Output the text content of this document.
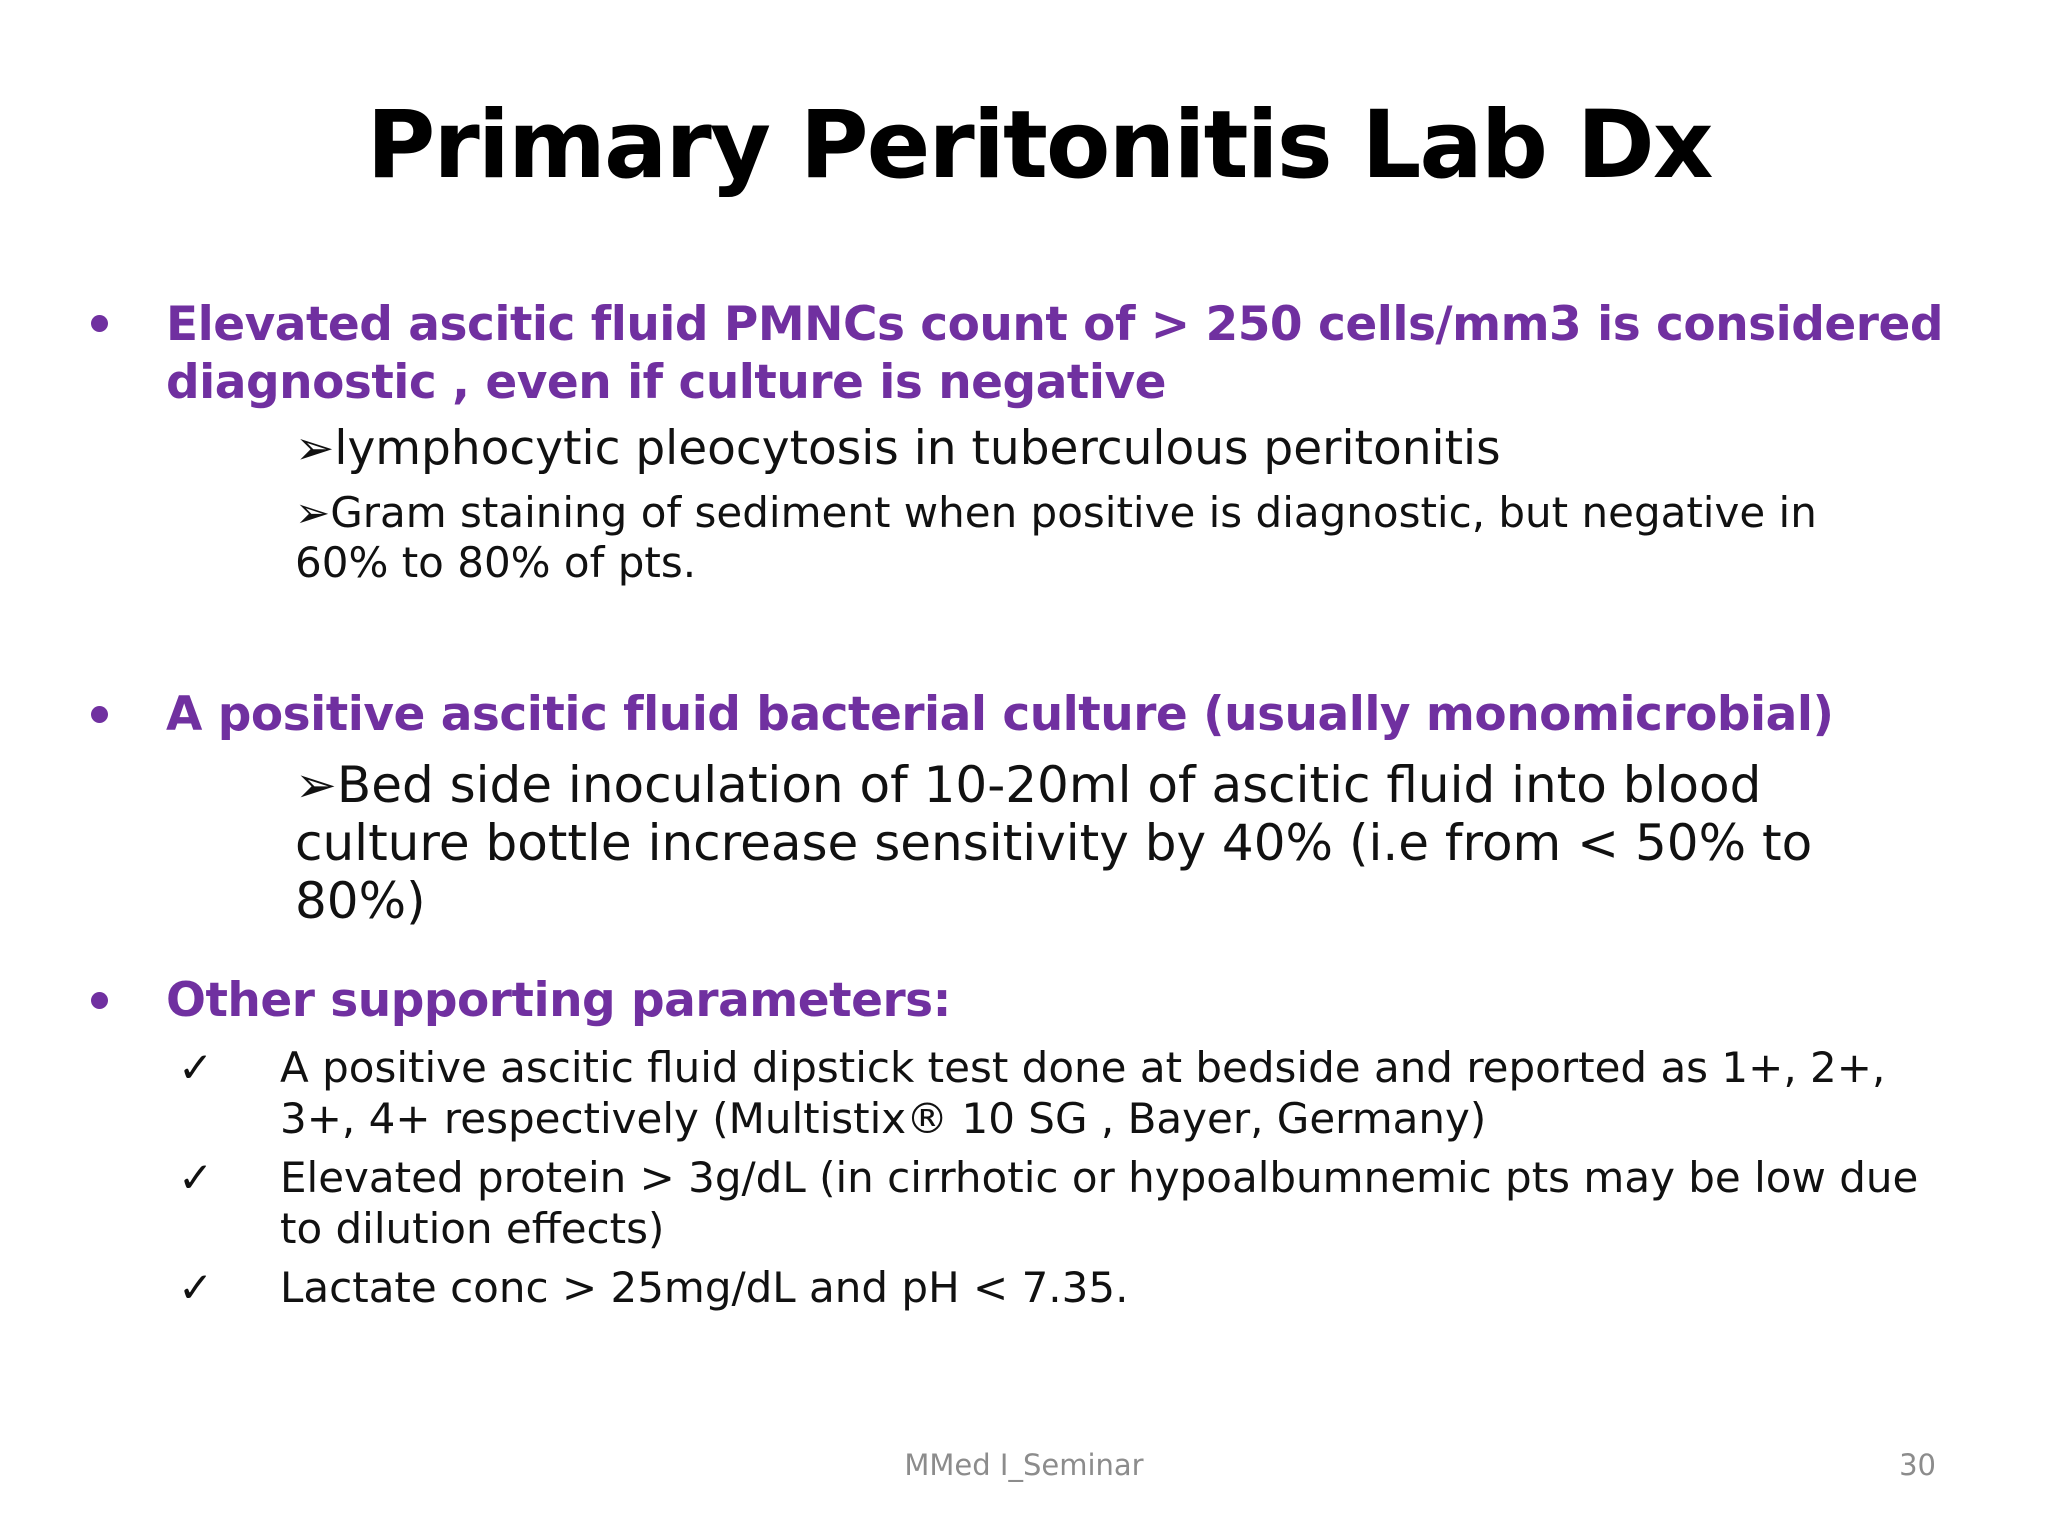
Primary Peritonitis Lab Dx
Elevated ascitic fluid PMNCs count of > 250 cells/mm3 is considered diagnostic , even if culture is negative
➢lymphocytic pleocytosis in tuberculous peritonitis
➢Gram staining of sediment when positive is diagnostic, but negative in 60% to 80% of pts.
A positive ascitic fluid bacterial culture (usually monomicrobial)
➢Bed side inoculation of 10-20ml of ascitic fluid into blood culture bottle increase sensitivity by 40% (i.e from < 50% to 80%)
Other supporting parameters:
✓ A positive ascitic fluid dipstick test done at bedside and reported as 1+, 2+, 3+, 4+ respectively (Multistix® 10 SG , Bayer, Germany)
✓ Elevated protein > 3g/dL (in cirrhotic or hypoalbumnemic pts may be low due to dilution effects)
✓ Lactate conc > 25mg/dL and pH < 7.35.
MMed I_Seminar	30
